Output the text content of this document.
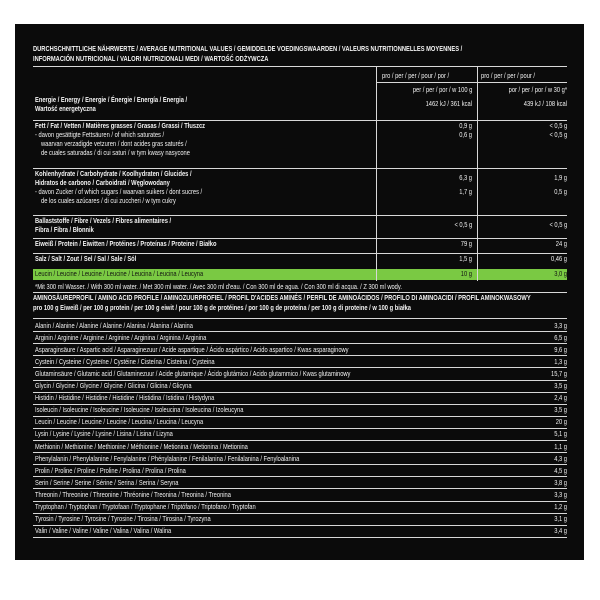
DURCHSCHNITTLICHE NÄHRWERTE / AVERAGE NUTRITIONAL VALUES / GEMIDDELDE VOEDINGSWAARDEN / VALEURS NUTRITIONNELLES MOYENNES /
INFORMACIÓN NUTRICIONAL / VALORI NUTRIZIONALI MEDI / WARTOŚĆ ODŻYWCZA
pro / per / per / pour / por /
per / per / por / w 100 g
pro / per / per / pour /
por / per / por / w 30 g*
Energie / Energy / Energie / Énergie / Energía / Energia /
Wartość energetyczna
1462 kJ / 361 kcal	439 kJ / 108 kcal
Fett / Fat / Vetten / Matières grasses / Grasas / Grassi / Tłuszcz	0,9 g	< 0,5 g
- davon gesättigte Fettsäuren / of which saturates /	0,6 g	< 0,5 g
waarvan verzadigde vetzuren / dont acides gras saturés /
de cuales saturadas / di cui saturi / w tym kwasy nasycone
Kohlenhydrate / Carbohydrate / Koolhydraten / Glucides /
Hidratos de carbono / Carboidrati / Węglowodany
6,3 g	1,9 g
- davon Zucker / of which sugars / waarvan suikers / dont sucres /	1,7 g	0,5 g
de los cuales azúcares / di cui zuccheri / w tym cukry
Ballaststoffe / Fibre / Vezels / Fibres alimentaires /
Fibra / Fibra / Błonnik
< 0,5 g	< 0,5 g
Eiweiß / Protein / Eiwitten / Protéines / Proteínas / Proteine / Białko	79 g	24 g
Salz / Salt / Zout / Sel / Sal / Sale / Sól	1,5 g	0,46 g
Leucin / Leucine / Leucine / Leucine / Leucina / Leucina / Leucyna	10 g	3,0 g
*Mit 300 ml Wasser. / With 300 ml water. / Met 300 ml water. / Avec 300 ml d'eau. / Con 300 ml de agua. / Con 300 ml di acqua. / Z 300 ml wody.
AMINOSÄUREPROFIL / AMINO ACID PROFILE / AMINOZUURPROFIEL / PROFIL D'ACIDES AMINÉS / PERFIL DE AMINOÁCIDOS / PROFILO DI AMINOACIDI / PROFIL AMINOKWASOWY
pro 100 g Eiweiß / per 100 g protein / per 100 g eiwit / pour 100 g de protéines / por 100 g de proteína / per 100 g di proteine / w 100 g białka
Alanin / Alanine / Alanine / Alanine / Alanina / Alanina / Alanina	3,3 g
Arginin / Arginine / Arginine / Arginine / Arginina / Arginina / Arginina	6,5 g
Asparaginsäure / Aspartic acid / Asparaginezuur / Acide aspartique / Ácido aspártico / Acido aspartico / Kwas asparaginowy	9,6 g
Cystein / Cysteine / Cysteïne / Cystéine / Cisteína / Cisteina / Cysteina	1,3 g
Glutaminsäure / Glutamic acid / Glutaminezuur / Acide glutamique / Ácido glutámico / Acido glutammico / Kwas glutaminowy	15,7 g
Glycin / Glycine / Glycine / Glycine / Glicina / Glicina / Glicyna	3,5 g
Histidin / Histidine / Histidine / Histidine / Histidina / Istidina / Histydyna	2,4 g
Isoleucin / Isoleucine / Isoleucine / Isoleucine / Isoleucina / Isoleucina / Izoleucyna	3,5 g
Leucin / Leucine / Leucine / Leucine / Leucina / Leucina / Leucyna	20 g
Lysin / Lysine / Lysine / Lysine / Lisina / Lisina / Lizyna	5,1 g
Methionin / Methionine / Methionine / Méthionine / Metionina / Metionina / Metionina	1,1 g
Phenylalanin / Phenylalanine / Fenylalanine / Phénylalanine / Fenilalanina / Fenilalanina / Fenyloalanina	4,3 g
Prolin / Proline / Proline / Proline / Prolina / Prolina / Prolina	4,5 g
Serin / Serine / Serine / Sérine / Serina / Serina / Seryna	3,8 g
Threonin / Threonine / Threonine / Thréonine / Treonina / Treonina / Treonina	3,3 g
Tryptophan / Tryptophan / Tryptofaan / Tryptophane / Triptófano / Triptofano / Tryptofan	1,2 g
Tyrosin / Tyrosine / Tyrosine / Tyrosine / Tirosina / Tirosina / Tyrozyna	3,1 g
Valin / Valine / Valine / Valine / Valina / Valina / Walina	3,4 g
